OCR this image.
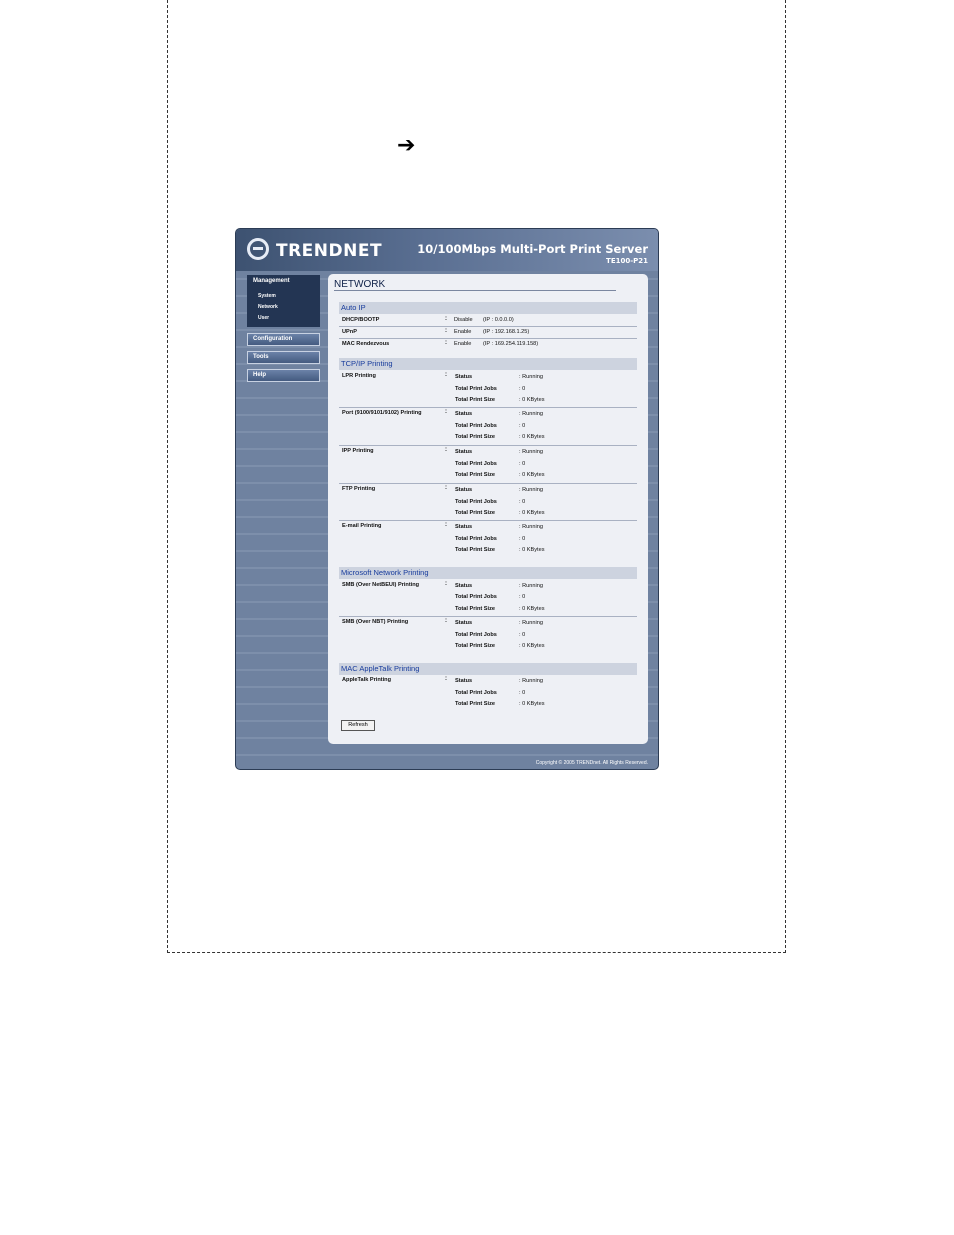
➔
TRENDNET	10/100Mbps Multi-Port Print Server
TE100-P21
Management
System
Network
User
Configuration
Tools
Help
NETWORK
Auto IP
DHCP/BOOTP	: Disable (IP : 0.0.0.0)
UPnP	: Enable (IP : 192.168.1.25)
MAC Rendezvous	: Enable (IP : 169.254.119.158)
TCP/IP Printing
LPR Printing	: Status	: Running
Total Print Jobs	: 0
Total Print Size	: 0 KBytes
Port (9100/9101/9102) Printing	: Status	: Running
Total Print Jobs	: 0
Total Print Size	: 0 KBytes
IPP Printing	: Status	: Running
Total Print Jobs	: 0
Total Print Size	: 0 KBytes
FTP Printing	: Status	: Running
Total Print Jobs	: 0
Total Print Size	: 0 KBytes
E-mail Printing	: Status	: Running
Total Print Jobs	: 0
Total Print Size	: 0 KBytes
Microsoft Network Printing
SMB (Over NetBEUI) Printing	: Status	: Running
Total Print Jobs	: 0
Total Print Size	: 0 KBytes
SMB (Over NBT) Printing	: Status	: Running
Total Print Jobs	: 0
Total Print Size	: 0 KBytes
MAC AppleTalk Printing
AppleTalk Printing	: Status	: Running
Total Print Jobs	: 0
Total Print Size	: 0 KBytes
Refresh
Copyright © 2005 TRENDnet. All Rights Reserved.
